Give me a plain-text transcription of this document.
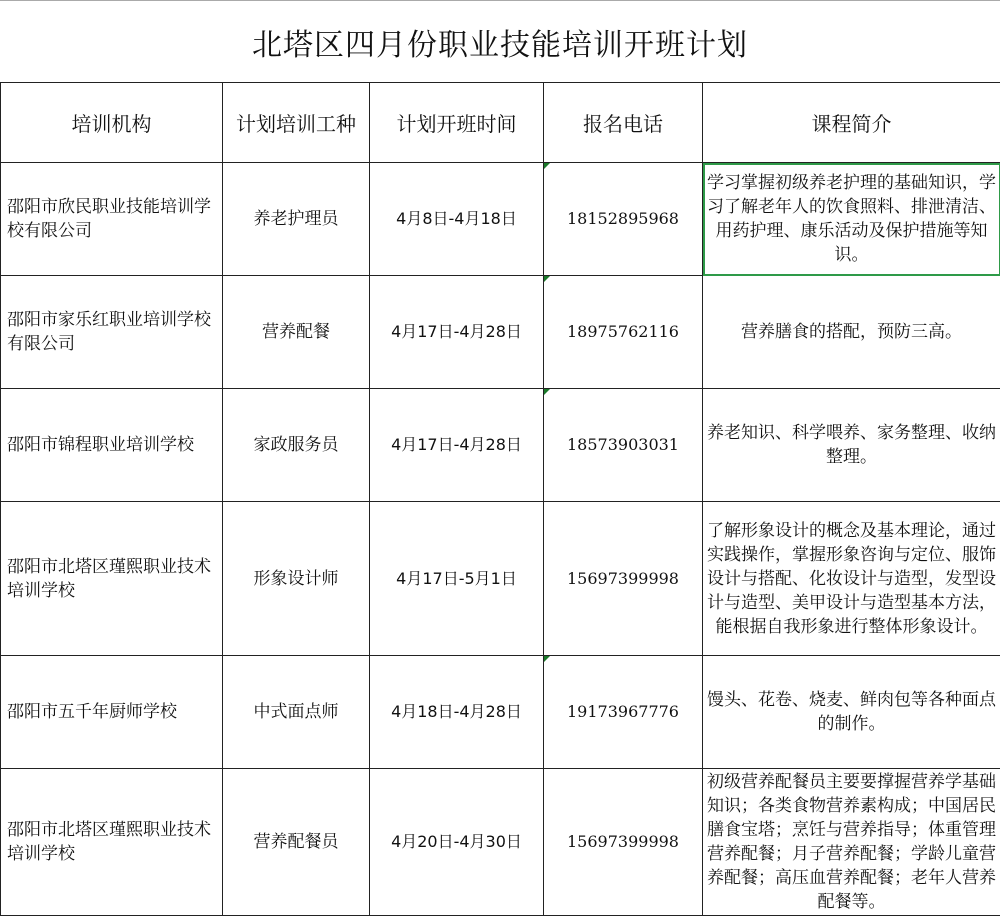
北塔区四月份职业技能培训开班计划
培训机构	计划培训工种	计划开班时间	报名电话	课程简介
邵阳市欣民职业技能培训学校有限公司	养老护理员	4月8日-4月18日	18152895968	学习掌握初级养老护理的基础知识，学习了解老年人的饮食照料、排泄清洁、用药护理、康乐活动及保护措施等知识。
邵阳市家乐红职业培训学校有限公司	营养配餐	4月17日-4月28日	18975762116	营养膳食的搭配，预防三高。
邵阳市锦程职业培训学校	家政服务员	4月17日-4月28日	18573903031	养老知识、科学喂养、家务整理、收纳整理。
邵阳市北塔区瑾熙职业技术培训学校	形象设计师	4月17日-5月1日	15697399998	了解形象设计的概念及基本理论，通过实践操作，掌握形象咨询与定位、服饰设计与搭配、化妆设计与造型，发型设计与造型、美甲设计与造型基本方法，能根据自我形象进行整体形象设计。
邵阳市五千年厨师学校	中式面点师	4月18日-4月28日	19173967776	馒头、花卷、烧麦、鲜肉包等各种面点的制作。
邵阳市北塔区瑾熙职业技术培训学校	营养配餐员	4月20日-4月30日	15697399998	初级营养配餐员主要要撑握营养学基础知识；各类食物营养素构成；中国居民膳食宝塔；烹饪与营养指导；体重管理营养配餐；月子营养配餐；学龄儿童营养配餐；高压血营养配餐；老年人营养配餐等。
